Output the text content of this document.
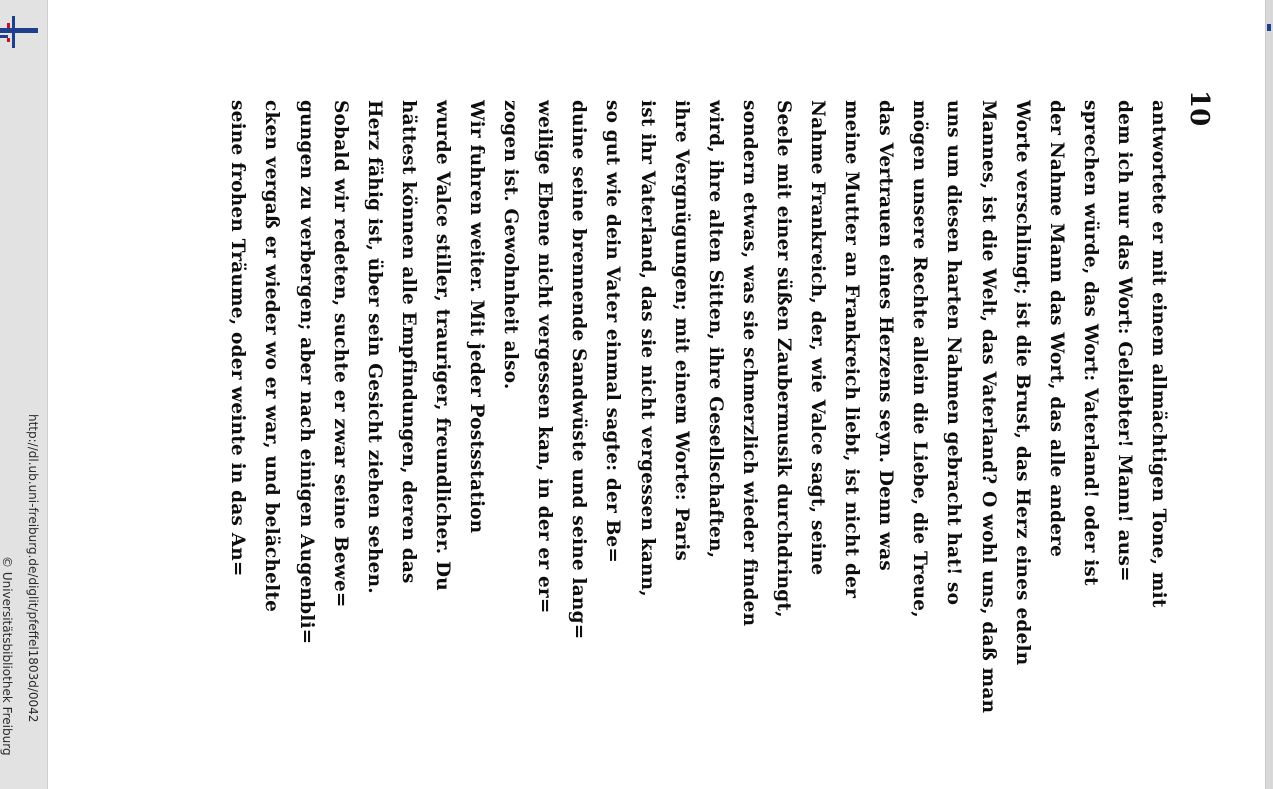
http://dl.ub.uni-freiburg.de/diglit/pfeffel1803d/0042
© Universitätsbibliothek Freiburg
antwortete er mit einem allmächtigen Tone, mit
dem ich nur das Wort: Geliebter! Mann! aus=
sprechen würde, das Wort: Vaterland! oder ist
der Nahme Mann das Wort, das alle andere
Worte verschlingt; ist die Brust, das Herz eines edeln
Mannes, ist die Welt, das Vaterland? O wohl uns, daß man
uns um diesen harten Nahmen gebracht hat! so
mögen unsere Rechte allein die Liebe, die Treue,
das Vertrauen eines Herzens seyn. Denn was
meine Mutter an Frankreich liebt, ist nicht der
Nahme Frankreich, der, wie Valce sagt, seine
Seele mit einer süßen Zaubermusik durchdringt,
sondern etwas, was sie schmerzlich wieder finden
wird, ihre alten Sitten, ihre Gesellschaften,
ihre Vergnügungen; mit einem Worte: Paris
ist ihr Vaterland, das sie nicht vergessen kann,
so gut wie dein Vater einmal sagte: der Be=
duine seine brennende Sandwüste und seine lang=
weilige Ebene nicht vergessen kan, in der er er=
zogen ist. Gewohnheit also.
Wir fuhren weiter. Mit jeder Postsstation
wurde Valce stiller, trauriger, freundlicher. Du
hättest können alle Empfindungen, deren das
Herz fähig ist, über sein Gesicht ziehen sehen.
Sobald wir redeten, suchte er zwar seine Bewe=
gungen zu verbergen; aber nach einigen Augenbli=
cken vergaß er wieder wo er war, und belächelte
seine frohen Träume, oder weinte in das An=	10
